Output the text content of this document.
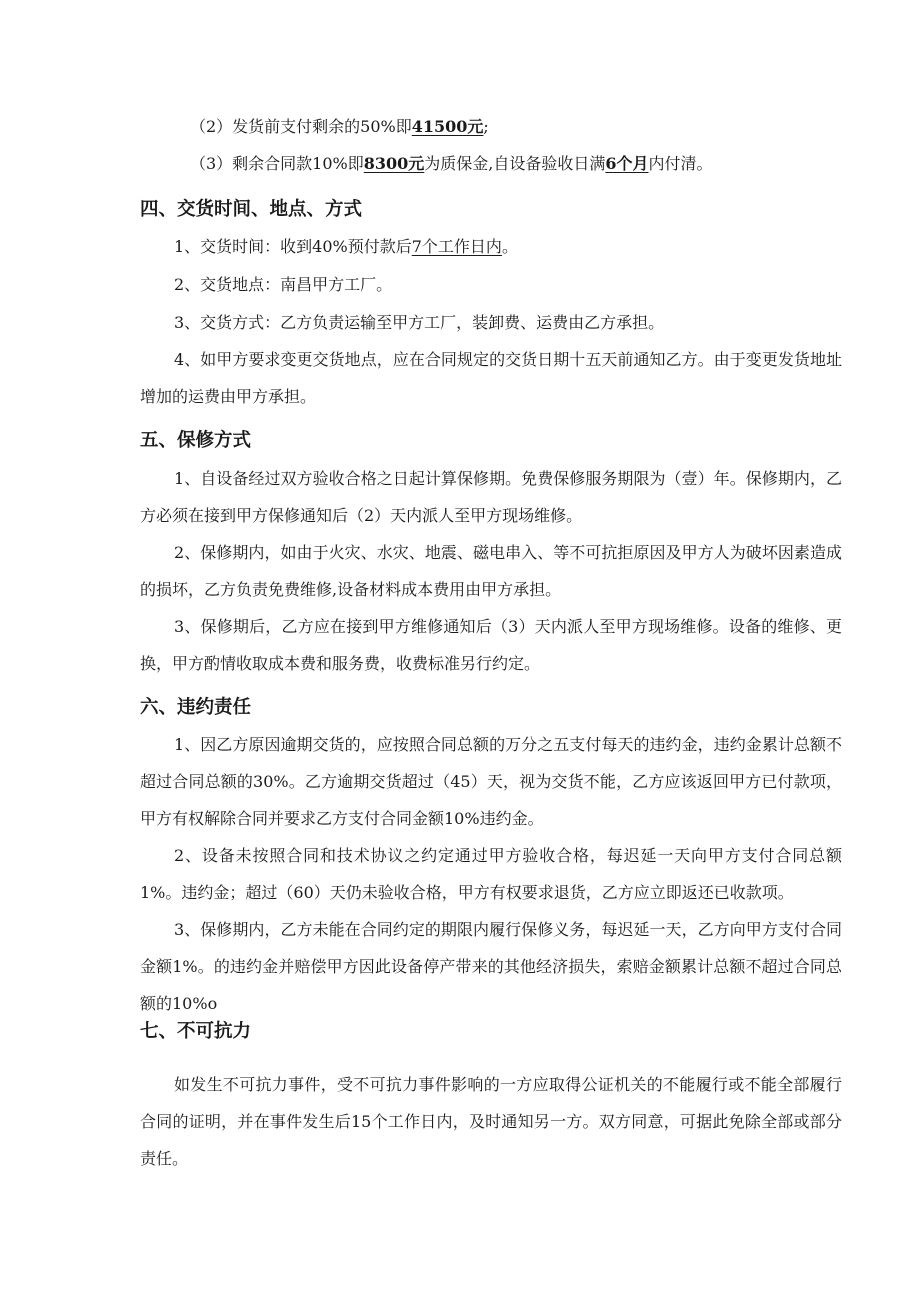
（2）发货前支付剩余的50%即41500元;

（3）剩余合同款10%即8300元为质保金,自设备验收日满6个月内付清。

四、交货时间、地点、方式

1、交货时间：收到40%预付款后7个工作日内。

2、交货地点：南昌甲方工厂。

3、交货方式：乙方负责运输至甲方工厂，装卸费、运费由乙方承担。

4、如甲方要求变更交货地点，应在合同规定的交货日期十五天前通知乙方。由于变更发货地址增加的运费由甲方承担。

五、保修方式

1、自设备经过双方验收合格之日起计算保修期。免费保修服务期限为（壹）年。保修期内，乙方必须在接到甲方保修通知后（2）天内派人至甲方现场维修。

2、保修期内，如由于火灾、水灾、地震、磁电串入、等不可抗拒原因及甲方人为破坏因素造成的损坏，乙方负责免费维修,设备材料成本费用由甲方承担。

3、保修期后，乙方应在接到甲方维修通知后（3）天内派人至甲方现场维修。设备的维修、更换，甲方酌情收取成本费和服务费，收费标准另行约定。

六、违约责任

1、因乙方原因逾期交货的，应按照合同总额的万分之五支付每天的违约金，违约金累计总额不超过合同总额的30%。乙方逾期交货超过（45）天，视为交货不能，乙方应该返回甲方已付款项，甲方有权解除合同并要求乙方支付合同金额10%违约金。

2、设备未按照合同和技术协议之约定通过甲方验收合格，每迟延一天向甲方支付合同总额1%。违约金；超过（60）天仍未验收合格，甲方有权要求退货，乙方应立即返还已收款项。

3、保修期内，乙方未能在合同约定的期限内履行保修义务，每迟延一天，乙方向甲方支付合同金额1%。的违约金并赔偿甲方因此设备停产带来的其他经济损失，索赔金额累计总额不超过合同总额的10%o

七、不可抗力

如发生不可抗力事件，受不可抗力事件影响的一方应取得公证机关的不能履行或不能全部履行合同的证明，并在事件发生后15个工作日内，及时通知另一方。双方同意，可据此免除全部或部分责任。
